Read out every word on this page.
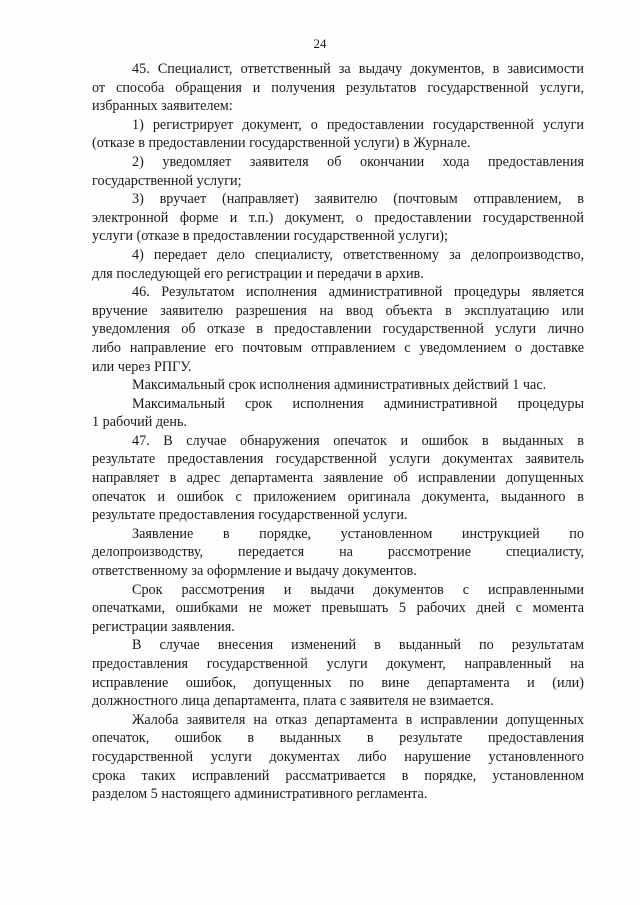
24
45. Специалист, ответственный за выдачу документов, в зависимости
от способа обращения и получения результатов государственной услуги,
избранных заявителем:
1) регистрирует документ, о предоставлении государственной услуги
(отказе в предоставлении государственной услуги) в Журнале.
2) уведомляет заявителя об окончании хода предоставления
государственной услуги;
3) вручает (направляет) заявителю (почтовым отправлением, в
электронной форме и т.п.) документ, о предоставлении государственной
услуги (отказе в предоставлении государственной услуги);
4) передает дело специалисту, ответственному за делопроизводство,
для последующей его регистрации и передачи в архив.
46. Результатом исполнения административной процедуры является
вручение заявителю разрешения на ввод объекта в эксплуатацию или
уведомления об отказе в предоставлении государственной услуги лично
либо направление его почтовым отправлением с уведомлением о доставке
или через РПГУ.
Максимальный срок исполнения административных действий 1 час.
Максимальный срок исполнения административной процедуры
1 рабочий день.
47. В случае обнаружения опечаток и ошибок в выданных в
результате предоставления государственной услуги документах заявитель
направляет в адрес департамента заявление об исправлении допущенных
опечаток и ошибок с приложением оригинала документа, выданного в
результате предоставления государственной услуги.
Заявление в порядке, установленном инструкцией по
делопроизводству, передается на рассмотрение специалисту,
ответственному за оформление и выдачу документов.
Срок рассмотрения и выдачи документов с исправленными
опечатками, ошибками не может превышать 5 рабочих дней с момента
регистрации заявления.
В случае внесения изменений в выданный по результатам
предоставления государственной услуги документ, направленный на
исправление ошибок, допущенных по вине департамента и (или)
должностного лица департамента, плата с заявителя не взимается.
Жалоба заявителя на отказ департамента в исправлении допущенных
опечаток, ошибок в выданных в результате предоставления
государственной услуги документах либо нарушение установленного
срока таких исправлений рассматривается в порядке, установленном
разделом 5 настоящего административного регламента.
